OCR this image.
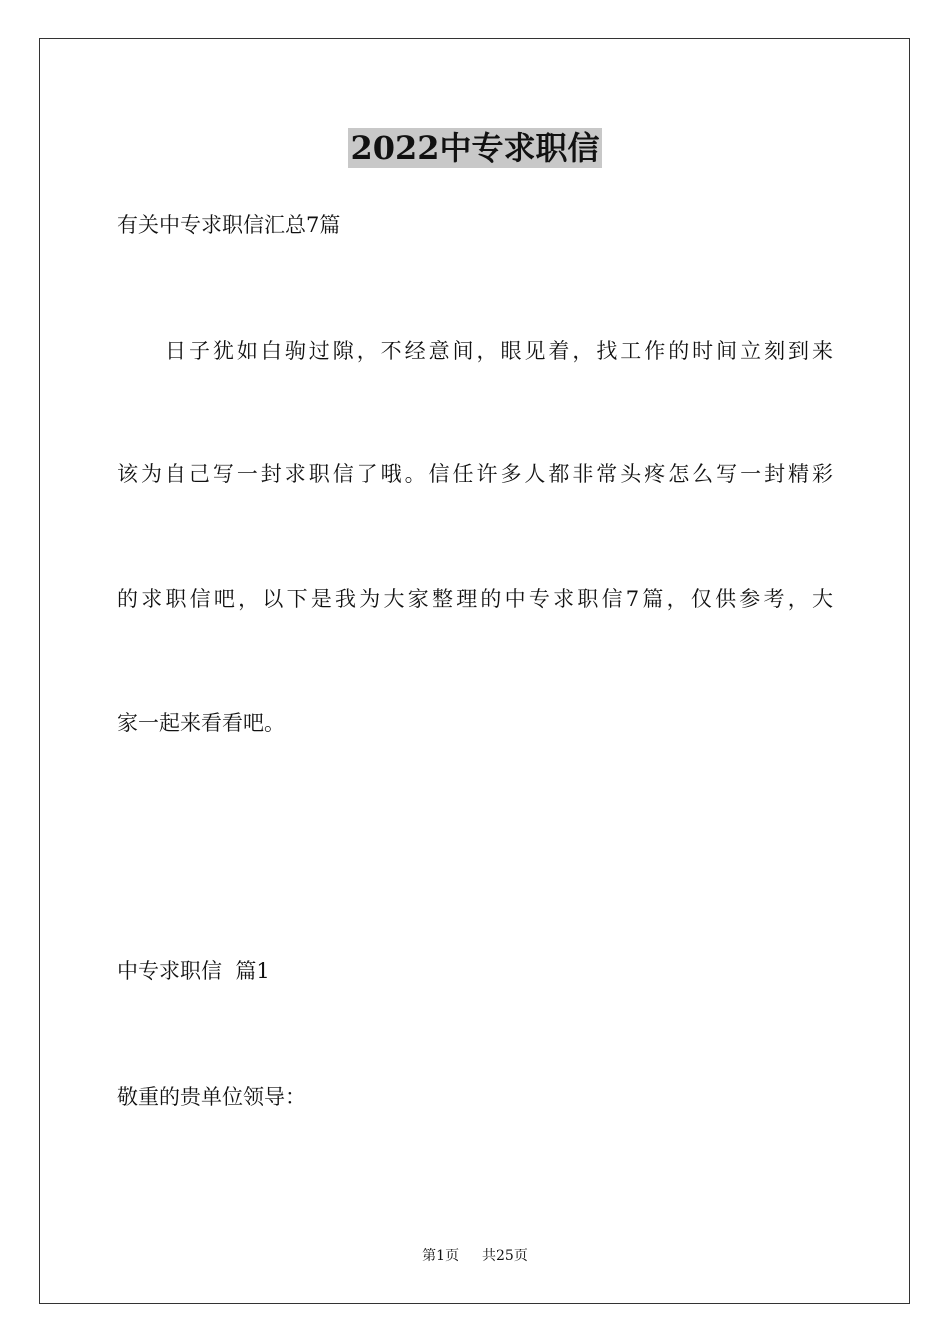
2022中专求职信
有关中专求职信汇总7篇
日子犹如白驹过隙，不经意间，眼见着，找工作的时间立刻到来
该为自己写一封求职信了哦。信任许多人都非常头疼怎么写一封精彩
的求职信吧，以下是我为大家整理的中专求职信7篇，仅供参考，大
家一起来看看吧。
中专求职信  篇1
敬重的贵单位领导：
第1页 共25页
